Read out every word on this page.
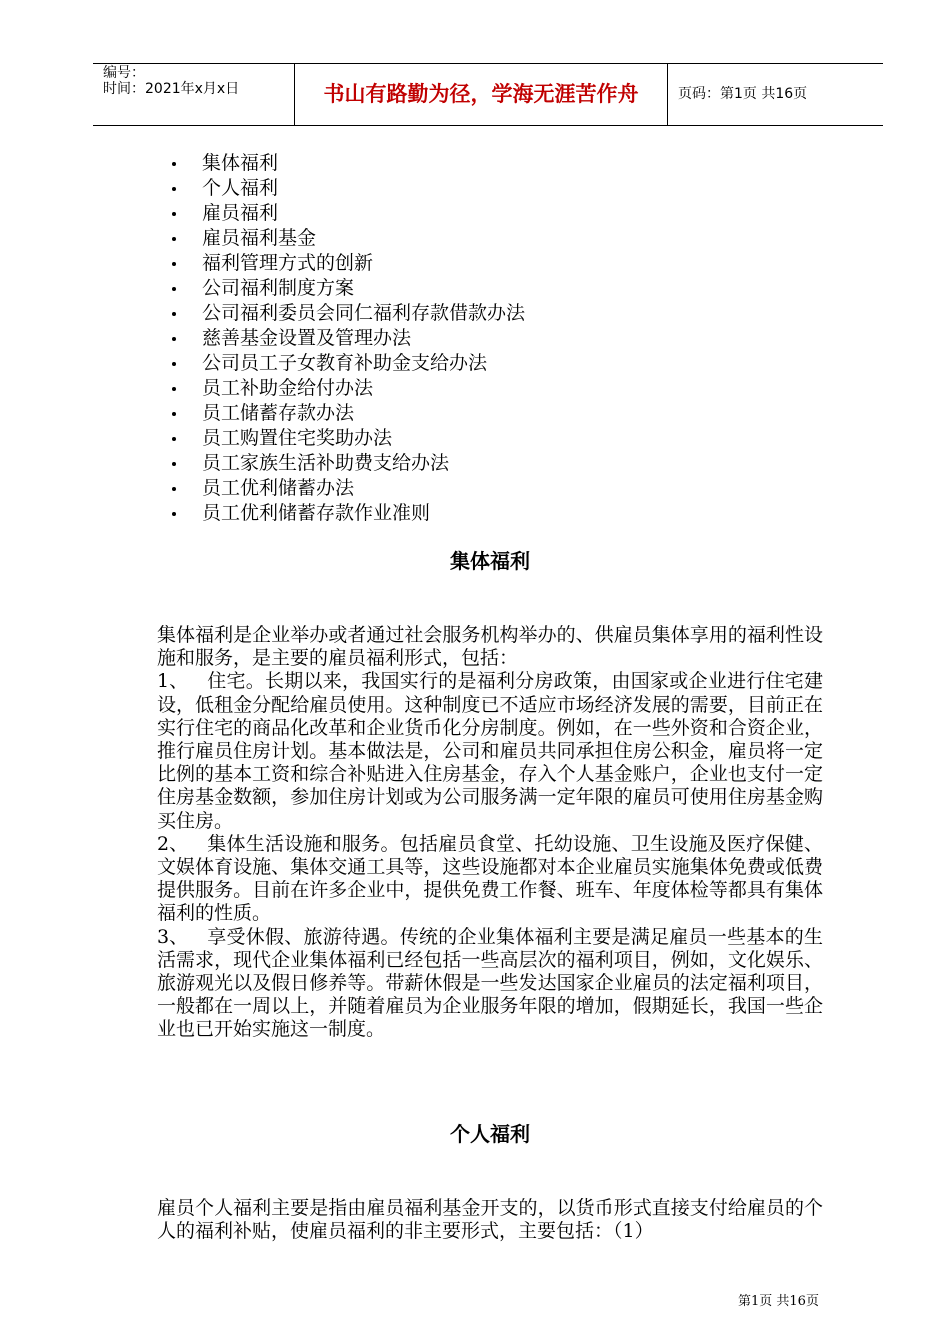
编号：
时间：2021年x月x日	书山有路勤为径，学海无涯苦作舟	页码：第1页 共16页
集体福利
个人福利
雇员福利
雇员福利基金
福利管理方式的创新
公司福利制度方案
公司福利委员会同仁福利存款借款办法
慈善基金设置及管理办法
公司员工子女教育补助金支给办法
员工补助金给付办法
员工储蓄存款办法
员工购置住宅奖助办法
员工家族生活补助费支给办法
员工优利储蓄办法
员工优利储蓄存款作业准则
集体福利

集体福利是企业举办或者通过社会服务机构举办的、供雇员集体享用的福利性设施和服务，是主要的雇员福利形式，包括：

1、 住宅。长期以来，我国实行的是福利分房政策，由国家或企业进行住宅建设，低租金分配给雇员使用。这种制度已不适应市场经济发展的需要，目前正在实行住宅的商品化改革和企业货币化分房制度。例如，在一些外资和合资企业，推行雇员住房计划。基本做法是，公司和雇员共同承担住房公积金，雇员将一定比例的基本工资和综合补贴进入住房基金，存入个人基金账户，企业也支付一定住房基金数额，参加住房计划或为公司服务满一定年限的雇员可使用住房基金购买住房。

2、 集体生活设施和服务。包括雇员食堂、托幼设施、卫生设施及医疗保健、文娱体育设施、集体交通工具等，这些设施都对本企业雇员实施集体免费或低费提供服务。目前在许多企业中，提供免费工作餐、班车、年度体检等都具有集体福利的性质。

3、 享受休假、旅游待遇。传统的企业集体福利主要是满足雇员一些基本的生活需求，现代企业集体福利已经包括一些高层次的福利项目，例如，文化娱乐、旅游观光以及假日修养等。带薪休假是一些发达国家企业雇员的法定福利项目，一般都在一周以上，并随着雇员为企业服务年限的增加，假期延长，我国一些企业也已开始实施这一制度。

个人福利

雇员个人福利主要是指由雇员福利基金开支的，以货币形式直接支付给雇员的个人的福利补贴，使雇员福利的非主要形式，主要包括：（1）

第1页 共16页
